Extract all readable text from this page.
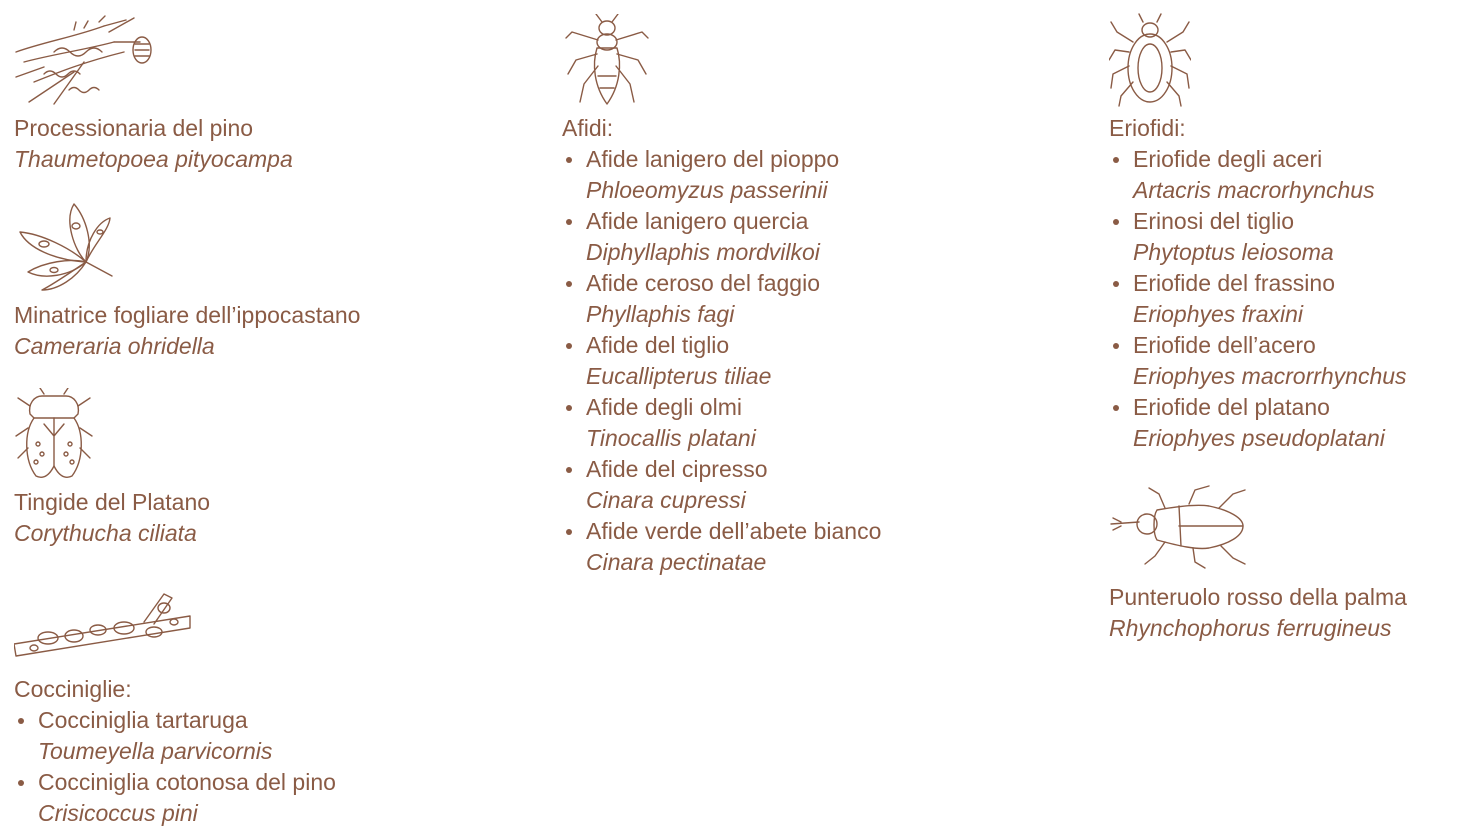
Processionaria del pino
Thaumetopoea pityocampa
Minatrice fogliare dell’ippocastano
Cameraria ohridella
Tingide del Platano
Corythucha ciliata
Coccinigli​e:
Cocciniglia tartaruga
Toumeyella parvicornis
Cocciniglia cotonosa del pino
Crisicoccus pini
Afidi:
Afide lanigero del pioppo
Phloeomyzus passerinii
Afide lanigero quercia
Diphyllaphis mordvilkoi
Afide ceroso del faggio
Phyllaphis fagi
Afide del tiglio
Eucallipterus tiliae
Afide degli olmi
Tinocallis platani
Afide del cipresso
Cinara cupressi
Afide verde dell’abete bianco
Cinara pectinatae
Eriofidi:
Eriofide degli aceri
Artacris macrorhynchus
Erinosi del tiglio
Phytoptus leiosoma
Eriofide del frassino
Eriophyes fraxini
Eriofide dell’acero
Eriophyes macrorrhynchus
Eriofide del platano
Eriophyes pseudoplatani
Punteruolo rosso della palma
Rhynchophorus ferrugineus
